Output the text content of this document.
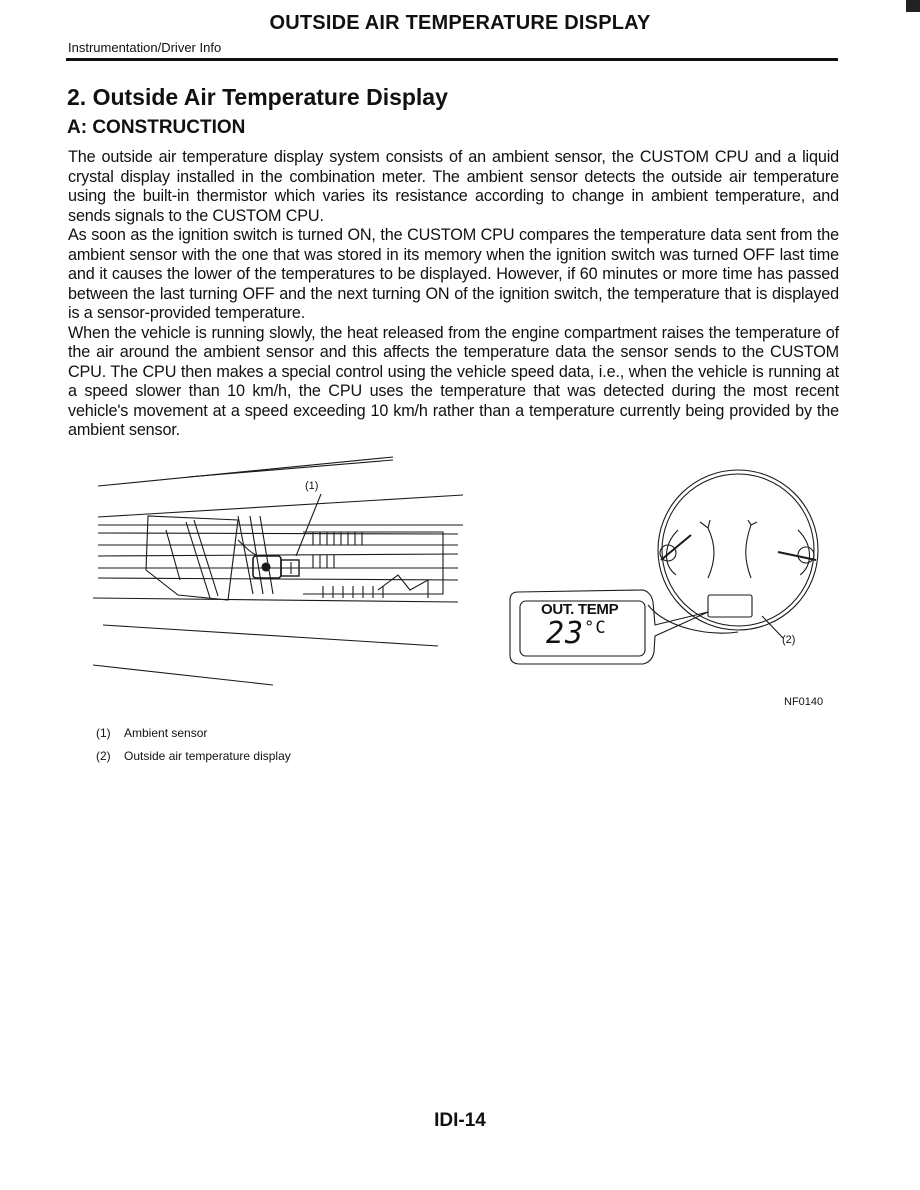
OUTSIDE AIR TEMPERATURE DISPLAY
Instrumentation/Driver Info
2. Outside Air Temperature Display
A: CONSTRUCTION

The outside air temperature display system consists of an ambient sensor, the CUSTOM CPU and a liquid crystal display installed in the combination meter. The ambient sensor detects the outside air temperature using the built-in thermistor which varies its resistance according to change in ambient temperature, and sends signals to the CUSTOM CPU.

As soon as the ignition switch is turned ON, the CUSTOM CPU compares the temperature data sent from the ambient sensor with the one that was stored in its memory when the ignition switch was turned OFF last time and it causes the lower of the temperatures to be displayed. However, if 60 minutes or more time has passed between the last turning OFF and the next turning ON of the ignition switch, the temperature that is displayed is a sensor-provided temperature.

When the vehicle is running slowly, the heat released from the engine compartment raises the temperature of the air around the ambient sensor and this affects the temperature data the sensor sends to the CUSTOM CPU. The CPU then makes a special control using the vehicle speed data, i.e., when the vehicle is running at a speed slower than 10 km/h, the CPU uses the temperature that was detected during the most recent vehicle's movement at a speed exceeding 10 km/h rather than a temperature currently being provided by the ambient sensor.

OUT. TEMP
$23^{^\circ C}$
(1)
(2)
NF0140
(1) Ambient sensor
(2) Outside air temperature display
IDI-14
